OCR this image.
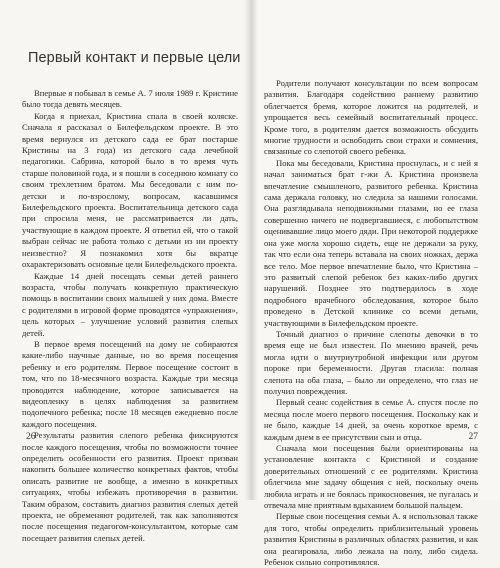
Первый контакт и первые цели

Впервые я побывал в семье А. 7 июля 1989 г. Кристине было тогда девять месяцев.

Когда я приехал, Кристина спала в своей коляске. Сначала я рассказал о Билефельдском проекте. В это время вернулся из детского сада ее брат постарше Кристины на 3 года) из детского сада лечебной педагогики. Сабрина, которой было в то время чуть старше половиной года, и я пошли в соседнюю комнату со своим трехлетним братом. Мы беседовали с ним по-детски и по-взрослому, вопросам, касавшимся Билефельдского проекта. Воспитательница детского сада при спросила меня, не рассматривается ли дать, участвующие в каждом проекте. Я ответил ей, что о такой выбран сейчас не работа только с детьми из ни проекту неизвестно? Я познакомил хотя бы вкратце охарактеризовать основные цели Билефельдского проекта.

Каждые 14 дней посещать семьи детей раннего возраста, чтобы получать конкретную практическую помощь в воспитании своих малышей у них дома. Вместе с родителями в игровой форме проводятся «упражнения», цель которых – улучшение условий развития слепых детей.

В первое время посещений на дому не собираются какие-либо научные данные, но во время посещения ребенку и его родителям. Первое посещение состоит в том, что по 18-месячного возраста. Каждые три месяца проводится наблюдение, которое записывается на видеопленку в целях наблюдения за развитием подопечного ребенка; после 18 месяцев ежедневно после каждого посещения.

Результаты развития слепого ребенка фиксируются после каждого посещения, чтобы по возможности точнее определить особенности его развития. Проект призван накопить большее количество конкретных фактов, чтобы описать развитие не вообще, а именно в конкретных ситуациях, чтобы избежать противоречия в развитии. Таким образом, составить диагноз развития слепых детей проекта, не обременяют родителей, так как заполняются после посещения педагогом-консультантом, которые сам посещает развития слепых детей.

26

Родители получают консультации по всем вопросам развития. Благодаря содействию раннему развитию облегчается бремя, которое ложится на родителей, и упрощается весь семейный воспитательный процесс. Кроме того, в родителям дается возможность обсудить многие трудности и освободить свои страхи и сомнения, связанные со слепотой своего ребенка.

Пока мы беседовали, Кристина проснулась, и с ней я начал заниматься брат г-жи А. Кристина произвела впечатление смышленого, развитого ребенка. Кристина сама держала головку, но следила за нашими голосами. Она разглядывала неподвижными глазами, но ее глаза совершенно ничего не подвергавшиеся, с любопытством оценивавшие лицо моего дяди. При некоторой поддержке она уже могла хорошо сидеть, еще не держали за руку, так что если она теперь вставала на своих ножках, держа все тело. Мое первое впечатление было, что Кристина – это развитый слепой ребенок без каких-либо других нарушений. Позднее это подтвердилось в ходе подробного врачебного обследования, которое было проведено в Детской клинике со всеми детьми, участвующими в Билефельдском проекте.

Точный диагноз о причине слепоты девочки в то время еще не был известен. По мнению врачей, речь могла идти о внутриутробной инфекции или другом пороке при беременности. Другая гласила: полная слепота на оба глаза, – было ли определено, что глаз не получил повреждения.

Первый сеанс содействия в семье А. спустя после по месяца после моего первого посещения. Поскольку как и не было, каждые 14 дней, за очень короткое время, с каждым днем в ее присутствии сын и отца.

Сначала мои посещения были ориентированы на установление контакта с Кристиной и создание доверительных отношений с ее родителями. Кристина облегчила мне задачу общения с ней, поскольку очень любила играть и не боялась прикосновения, не пугалась и отвечала мне приятным вдыханием большой пальцем.

Первые свои посещения семьи А. я использовал также для того, чтобы определить приблизительный уровень развития Кристины в различных областях развития, и как она реагировала, либо лежала на полу, либо сидела. Ребенок сильно сопротивлялся.

27
